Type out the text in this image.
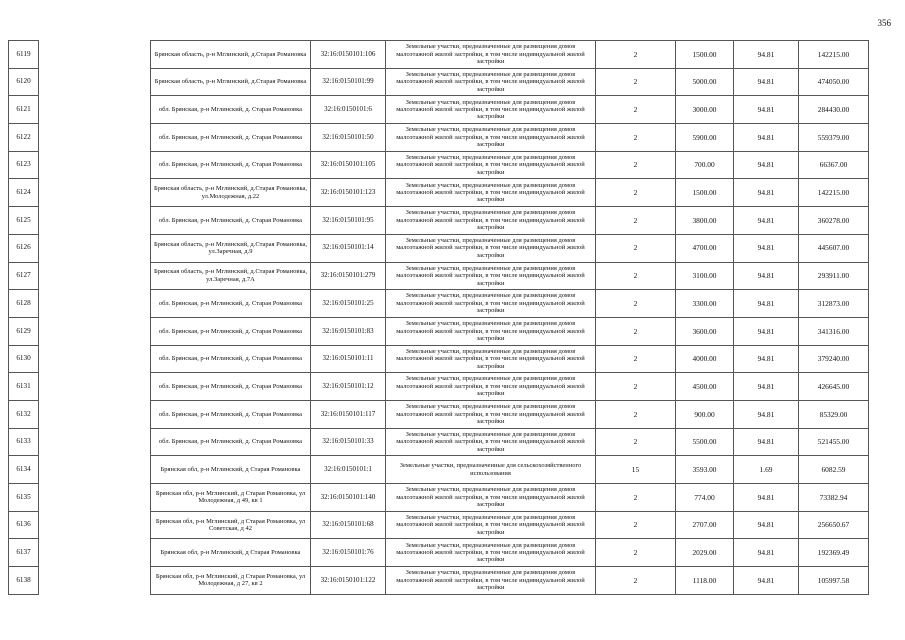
356
6119		Брянская область, р-н Мглинский, д.Старая Романовка	32:16:0150101:106	Земельные участки, предназначенные для размещения домов малоэтажной жилой застройки, в том числе индивидуальной жилой застройки	2	1500.00	94.81	142215.00
6120		Брянская область, р-н Мглинский, д.Старая Романовка	32:16:0150101:99	Земельные участки, предназначенные для размещения домов малоэтажной жилой застройки, в том числе индивидуальной жилой застройки	2	5000.00	94.81	474050.00
6121		обл. Брянская, р-н Мглинский, д. Старая Романовка	32:16:0150101:6	Земельные участки, предназначенные для размещения домов малоэтажной жилой застройки, в том числе индивидуальной жилой застройки	2	3000.00	94.81	284430.00
6122		обл. Брянская, р-н Мглинский, д. Старая Романовка	32:16:0150101:50	Земельные участки, предназначенные для размещения домов малоэтажной жилой застройки, в том числе индивидуальной жилой застройки	2	5900.00	94.81	559379.00
6123		обл. Брянская, р-н Мглинский, д. Старая Романовка	32:16:0150101:105	Земельные участки, предназначенные для размещения домов малоэтажной жилой застройки, в том числе индивидуальной жилой застройки	2	700.00	94.81	66367.00
6124		Брянская область, р-н Мглинский, д.Старая Романовка, ул.Молодежная, д.22	32:16:0150101:123	Земельные участки, предназначенные для размещения домов малоэтажной жилой застройки, в том числе индивидуальной жилой застройки	2	1500.00	94.81	142215.00
6125		обл. Брянская, р-н Мглинский, д. Старая Романовка	32:16:0150101:95	Земельные участки, предназначенные для размещения домов малоэтажной жилой застройки, в том числе индивидуальной жилой застройки	2	3800.00	94.81	360278.00
6126		Брянская область, р-н Мглинский, д.Старая Романовка, ул.Заречная, д.9	32:16:0150101:14	Земельные участки, предназначенные для размещения домов малоэтажной жилой застройки, в том числе индивидуальной жилой застройки	2	4700.00	94.81	445607.00
6127		Брянская область, р-н Мглинский, д.Старая Романовка, ул.Заречная, д.7А	32:16:0150101:279	Земельные участки, предназначенные для размещения домов малоэтажной жилой застройки, в том числе индивидуальной жилой застройки	2	3100.00	94.81	293911.00
6128		обл. Брянская, р-н Мглинский, д. Старая Романовка	32:16:0150101:25	Земельные участки, предназначенные для размещения домов малоэтажной жилой застройки, в том числе индивидуальной жилой застройки	2	3300.00	94.81	312873.00
6129		обл. Брянская, р-н Мглинский, д. Старая Романовка	32:16:0150101:83	Земельные участки, предназначенные для размещения домов малоэтажной жилой застройки, в том числе индивидуальной жилой застройки	2	3600.00	94.81	341316.00
6130		обл. Брянская, р-н Мглинский, д. Старая Романовка	32:16:0150101:11	Земельные участки, предназначенные для размещения домов малоэтажной жилой застройки, в том числе индивидуальной жилой застройки	2	4000.00	94.81	379240.00
6131		обл. Брянская, р-н Мглинский, д. Старая Романовка	32:16:0150101:12	Земельные участки, предназначенные для размещения домов малоэтажной жилой застройки, в том числе индивидуальной жилой застройки	2	4500.00	94.81	426645.00
6132		обл. Брянская, р-н Мглинский, д. Старая Романовка	32:16:0150101:117	Земельные участки, предназначенные для размещения домов малоэтажной жилой застройки, в том числе индивидуальной жилой застройки	2	900.00	94.81	85329.00
6133		обл. Брянская, р-н Мглинский, д. Старая Романовка	32:16:0150101:33	Земельные участки, предназначенные для размещения домов малоэтажной жилой застройки, в том числе индивидуальной жилой застройки	2	5500.00	94.81	521455.00
6134		Брянская обл, р-н Мглинский, д Старая Романовка	32:16:0150101:1	Земельные участки, предназначенные для сельскохозяйственного использования	15	3593.00	1.69	6082.59
6135		Брянская обл, р-н Мглинский, д Старая Романовка, ул Молодежная, д 49, кв 1	32:16:0150101:140	Земельные участки, предназначенные для размещения домов малоэтажной жилой застройки, в том числе индивидуальной жилой застройки	2	774.00	94.81	73382.94
6136		Брянская обл, р-н Мглинский, д Старая Романовка, ул Советская, д 42	32:16:0150101:68	Земельные участки, предназначенные для размещения домов малоэтажной жилой застройки, в том числе индивидуальной жилой застройки	2	2707.00	94.81	256650.67
6137		Брянская обл, р-н Мглинский, д Старая Романовка	32:16:0150101:76	Земельные участки, предназначенные для размещения домов малоэтажной жилой застройки, в том числе индивидуальной жилой застройки	2	2029.00	94.81	192369.49
6138		Брянская обл, р-н Мглинский, д Старая Романовка, ул Молодежная, д 27, кв 2	32:16:0150101:122	Земельные участки, предназначенные для размещения домов малоэтажной жилой застройки, в том числе индивидуальной жилой застройки	2	1118.00	94.81	105997.58
